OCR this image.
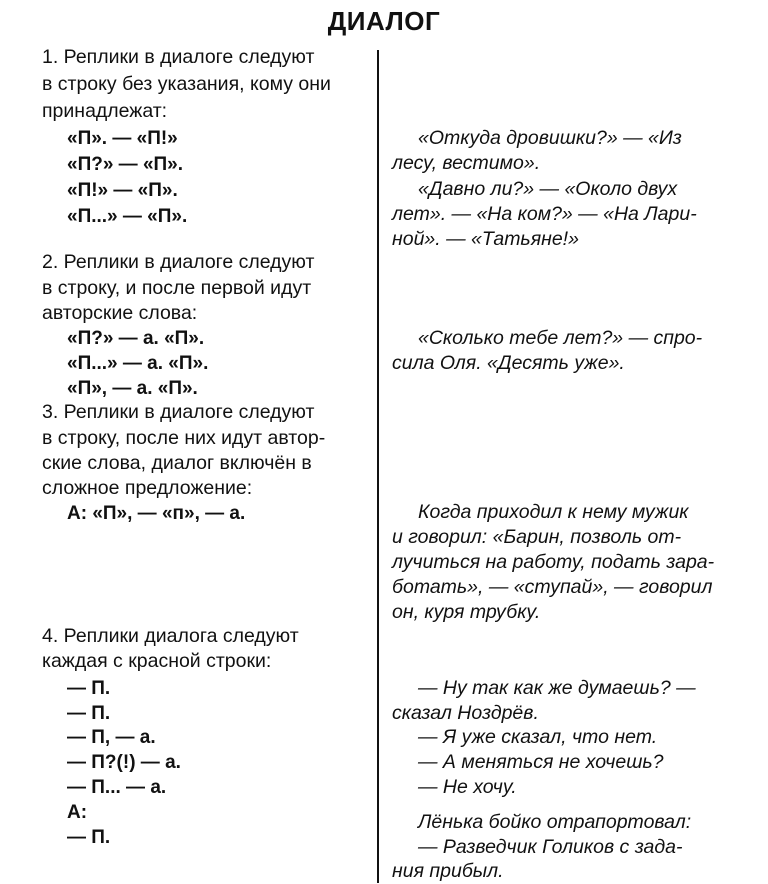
ДИАЛОГ
1. Реплики в диалоге следуют
в строку без указания, кому они
принадлежат:
«П». — «П!»
«П?» — «П».
«П!» — «П».
«П...» — «П».
«Откуда дровишки?» — «Из
лесу, вестимо».
«Давно ли?» — «Около двух
лет». — «На ком?» — «На Лари-
ной». — «Татьяне!»
2. Реплики в диалоге следуют
в строку, и после первой идут
авторские слова:
«П?» — а. «П».
«П...» — а. «П».
«П», — а. «П».
«Сколько тебе лет?» — спро-
сила Оля. «Десять уже».
3. Реплики в диалоге следуют
в строку, после них идут автор-
ские слова, диалог включён в
сложное предложение:
А: «П», — «п», — а.	Когда приходил к нему мужик
и говорил: «Барин, позволь от-
лучиться на работу, подать зара-
ботать», — «ступай», — говорил
он, куря трубку.
4. Реплики диалога следуют
каждая с красной строки:
— П.
— П.
— П, — а.
— П?(!) — а.
— П... — а.
А:
— П.
— Ну так как же думаешь? —
сказал Ноздрёв.
— Я уже сказал, что нет.
— А меняться не хочешь?
— Не хочу.
Лёнька бойко отрапортовал:
— Разведчик Голиков с зада-
ния прибыл.
